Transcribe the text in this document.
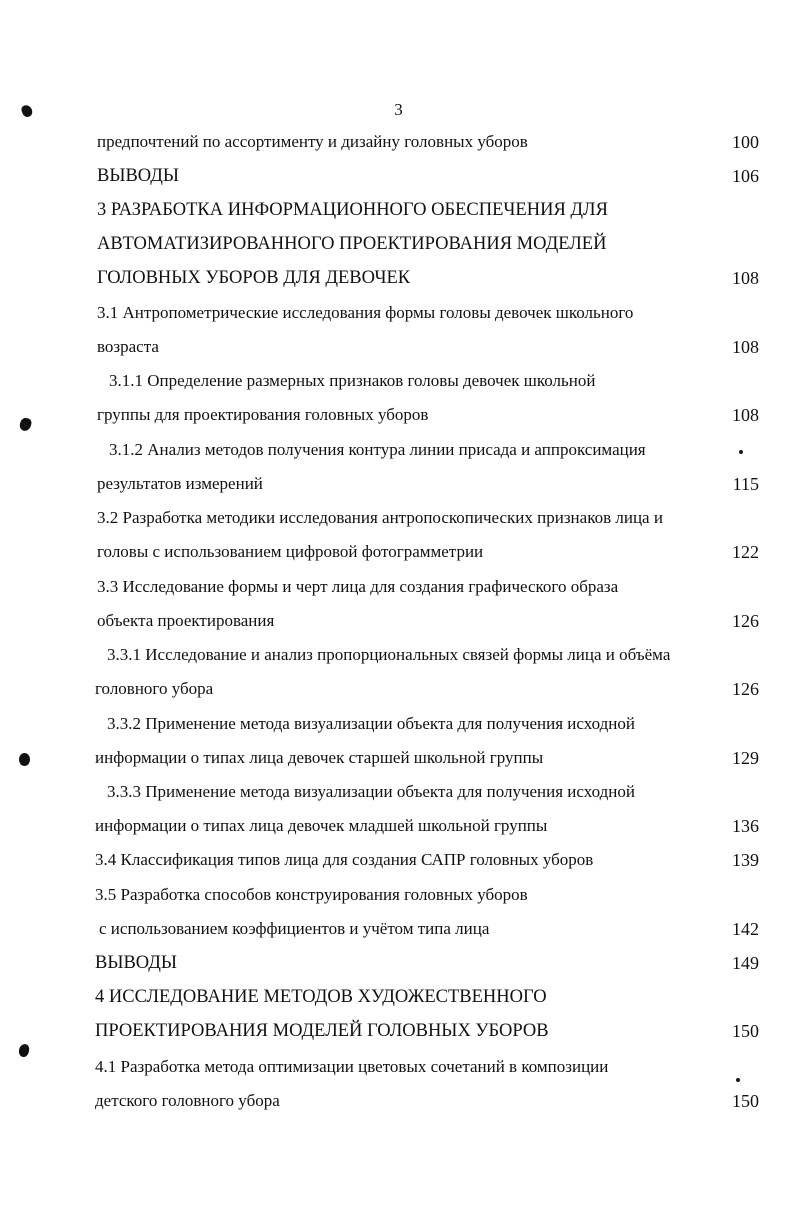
3
предпочтений по ассортименту и дизайну головных уборов	100
ВЫВОДЫ	106
3 РАЗРАБОТКА ИНФОРМАЦИОННОГО ОБЕСПЕЧЕНИЯ ДЛЯ
АВТОМАТИЗИРОВАННОГО ПРОЕКТИРОВАНИЯ МОДЕЛЕЙ
ГОЛОВНЫХ УБОРОВ ДЛЯ ДЕВОЧЕК	108
3.1 Антропометрические исследования формы головы девочек школьного
возраста	108
3.1.1 Определение размерных признаков головы девочек школьной
группы для проектирования головных уборов	108
3.1.2 Анализ методов получения контура линии присада и аппроксимация
результатов измерений	115
3.2 Разработка методики исследования антропоскопических признаков лица и
головы с использованием цифровой фотограмметрии	122
3.3 Исследование формы и черт лица для создания графического образа
объекта проектирования	126
3.3.1 Исследование и анализ пропорциональных связей формы лица и объёма
головного убора	126
3.3.2 Применение метода визуализации объекта для получения исходной
информации о типах лица девочек старшей школьной группы	129
3.3.3 Применение метода визуализации объекта для получения исходной
информации о типах лица девочек младшей школьной группы	136
3.4 Классификация типов лица для создания САПР головных уборов	139
3.5 Разработка способов конструирования головных уборов
с использованием коэффициентов и учётом типа лица	142
ВЫВОДЫ	149
4 ИССЛЕДОВАНИЕ МЕТОДОВ ХУДОЖЕСТВЕННОГО
ПРОЕКТИРОВАНИЯ МОДЕЛЕЙ ГОЛОВНЫХ УБОРОВ	150
4.1 Разработка метода оптимизации цветовых сочетаний в композиции
детского головного убора	150
